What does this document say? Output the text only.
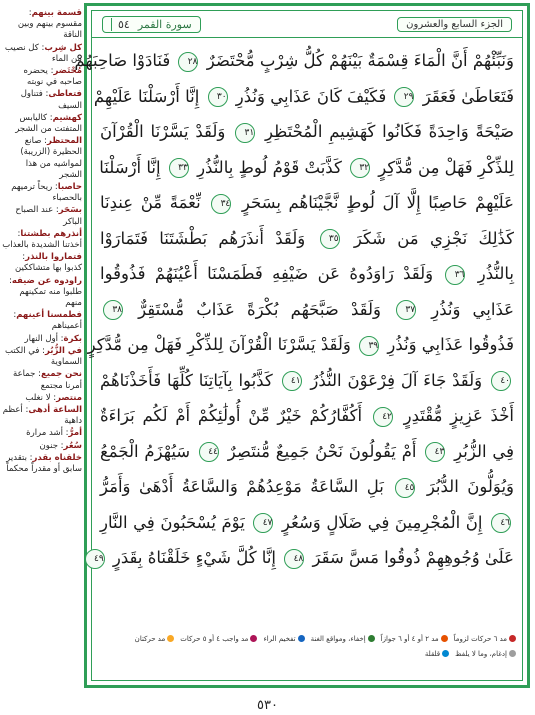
قسمة بينهم: مقسوم بينهم وبين الناقة
كل شِرب: كل نصيب من الماء
مُحْتَضر: يحضره صاحبه في نوبته
فتعاطى: فتناول السيف
كهشيم: كاليابس المتفتت من الشجر
المحتظر: صانع الحظيرة (الزريبة) لمواشيه من هذا الشجر
حاصبا: ريحاً ترميهم بالحصباء
بسَحَر: عند الصباح الباكر
أنذرهم بطشتنا: أخذتنا الشديدة بالعذاب
فتماروا بالنذر: كذبوا بها متشاككين
راودوه عن ضيفه: طلبوا منه تمكينهم منهم
فطمسنا أعينهم: أعميناهم
بكرة: أول النهار
في الزُّبُر: في الكتب السماوية
نحن جميع: جماعة أمرنا مجتمع
منتصر: لا نغلب
الساعة أدهى: أعظم داهية
أمرُّ: أشد مرارة
سُعُر: جنون
خلقناه بقدر: بتقدير سابق أو مقدراً محكماً
الجزء السابع والعشرون
سورة القمر
٥٤
وَنَبِّئْهُمْ أَنَّ الْمَاءَ قِسْمَةٌ بَيْنَهُمْ كُلُّ شِرْبٍ مُّحْتَضَرٌ ٢٨ فَنَادَوْا صَاحِبَهُمْ
فَتَعَاطَىٰ فَعَقَرَ ٢٩ فَكَيْفَ كَانَ عَذَابِي وَنُذُرِ ٣٠ إِنَّا أَرْسَلْنَا عَلَيْهِمْ
صَيْحَةً وَاحِدَةً فَكَانُوا كَهَشِيمِ الْمُحْتَظِرِ ٣١ وَلَقَدْ يَسَّرْنَا الْقُرْآنَ
لِلذِّكْرِ فَهَلْ مِن مُّدَّكِرٍ ٣٢ كَذَّبَتْ قَوْمُ لُوطٍ بِالنُّذُرِ ٣٣ إِنَّا أَرْسَلْنَا
عَلَيْهِمْ حَاصِبًا إِلَّا آلَ لُوطٍ نَّجَّيْنَاهُم بِسَحَرٍ ٣٤ نِّعْمَةً مِّنْ عِندِنَا
كَذَٰلِكَ نَجْزِي مَن شَكَرَ ٣٥ وَلَقَدْ أَنذَرَهُم بَطْشَتَنَا فَتَمَارَوْا
بِالنُّذُرِ ٣٦ وَلَقَدْ رَاوَدُوهُ عَن ضَيْفِهِ فَطَمَسْنَا أَعْيُنَهُمْ فَذُوقُوا
عَذَابِي وَنُذُرِ ٣٧ وَلَقَدْ صَبَّحَهُم بُكْرَةً عَذَابٌ مُّسْتَقِرٌّ ٣٨
فَذُوقُوا عَذَابِي وَنُذُرِ ٣٩ وَلَقَدْ يَسَّرْنَا الْقُرْآنَ لِلذِّكْرِ فَهَلْ مِن مُّدَّكِرٍ
٤٠ وَلَقَدْ جَاءَ آلَ فِرْعَوْنَ النُّذُرُ ٤١ كَذَّبُوا بِآيَاتِنَا كُلِّهَا فَأَخَذْنَاهُمْ
أَخْذَ عَزِيزٍ مُّقْتَدِرٍ ٤٢ أَكُفَّارُكُمْ خَيْرٌ مِّنْ أُولَٰئِكُمْ أَمْ لَكُم بَرَاءَةٌ
فِي الزُّبُرِ ٤٣ أَمْ يَقُولُونَ نَحْنُ جَمِيعٌ مُّنتَصِرٌ ٤٤ سَيُهْزَمُ الْجَمْعُ
وَيُوَلُّونَ الدُّبُرَ ٤٥ بَلِ السَّاعَةُ مَوْعِدُهُمْ وَالسَّاعَةُ أَدْهَىٰ وَأَمَرُّ
٤٦ إِنَّ الْمُجْرِمِينَ فِي ضَلَالٍ وَسُعُرٍ ٤٧ يَوْمَ يُسْحَبُونَ فِي النَّارِ
عَلَىٰ وُجُوهِهِمْ ذُوقُوا مَسَّ سَقَرَ ٤٨ إِنَّا كُلَّ شَيْءٍ خَلَقْنَاهُ بِقَدَرٍ ٤٩
مد ٦ حركات لزوماً
مد ٢ أو ٤ أو ٦ جوازاً
إخفاء، ومواقع الغنة
تفخيم الراء
مد واجب ٤ أو ٥ حركات
مد حركتان
إدغام، وما لا يلفظ
قلقلة
٥٣٠
